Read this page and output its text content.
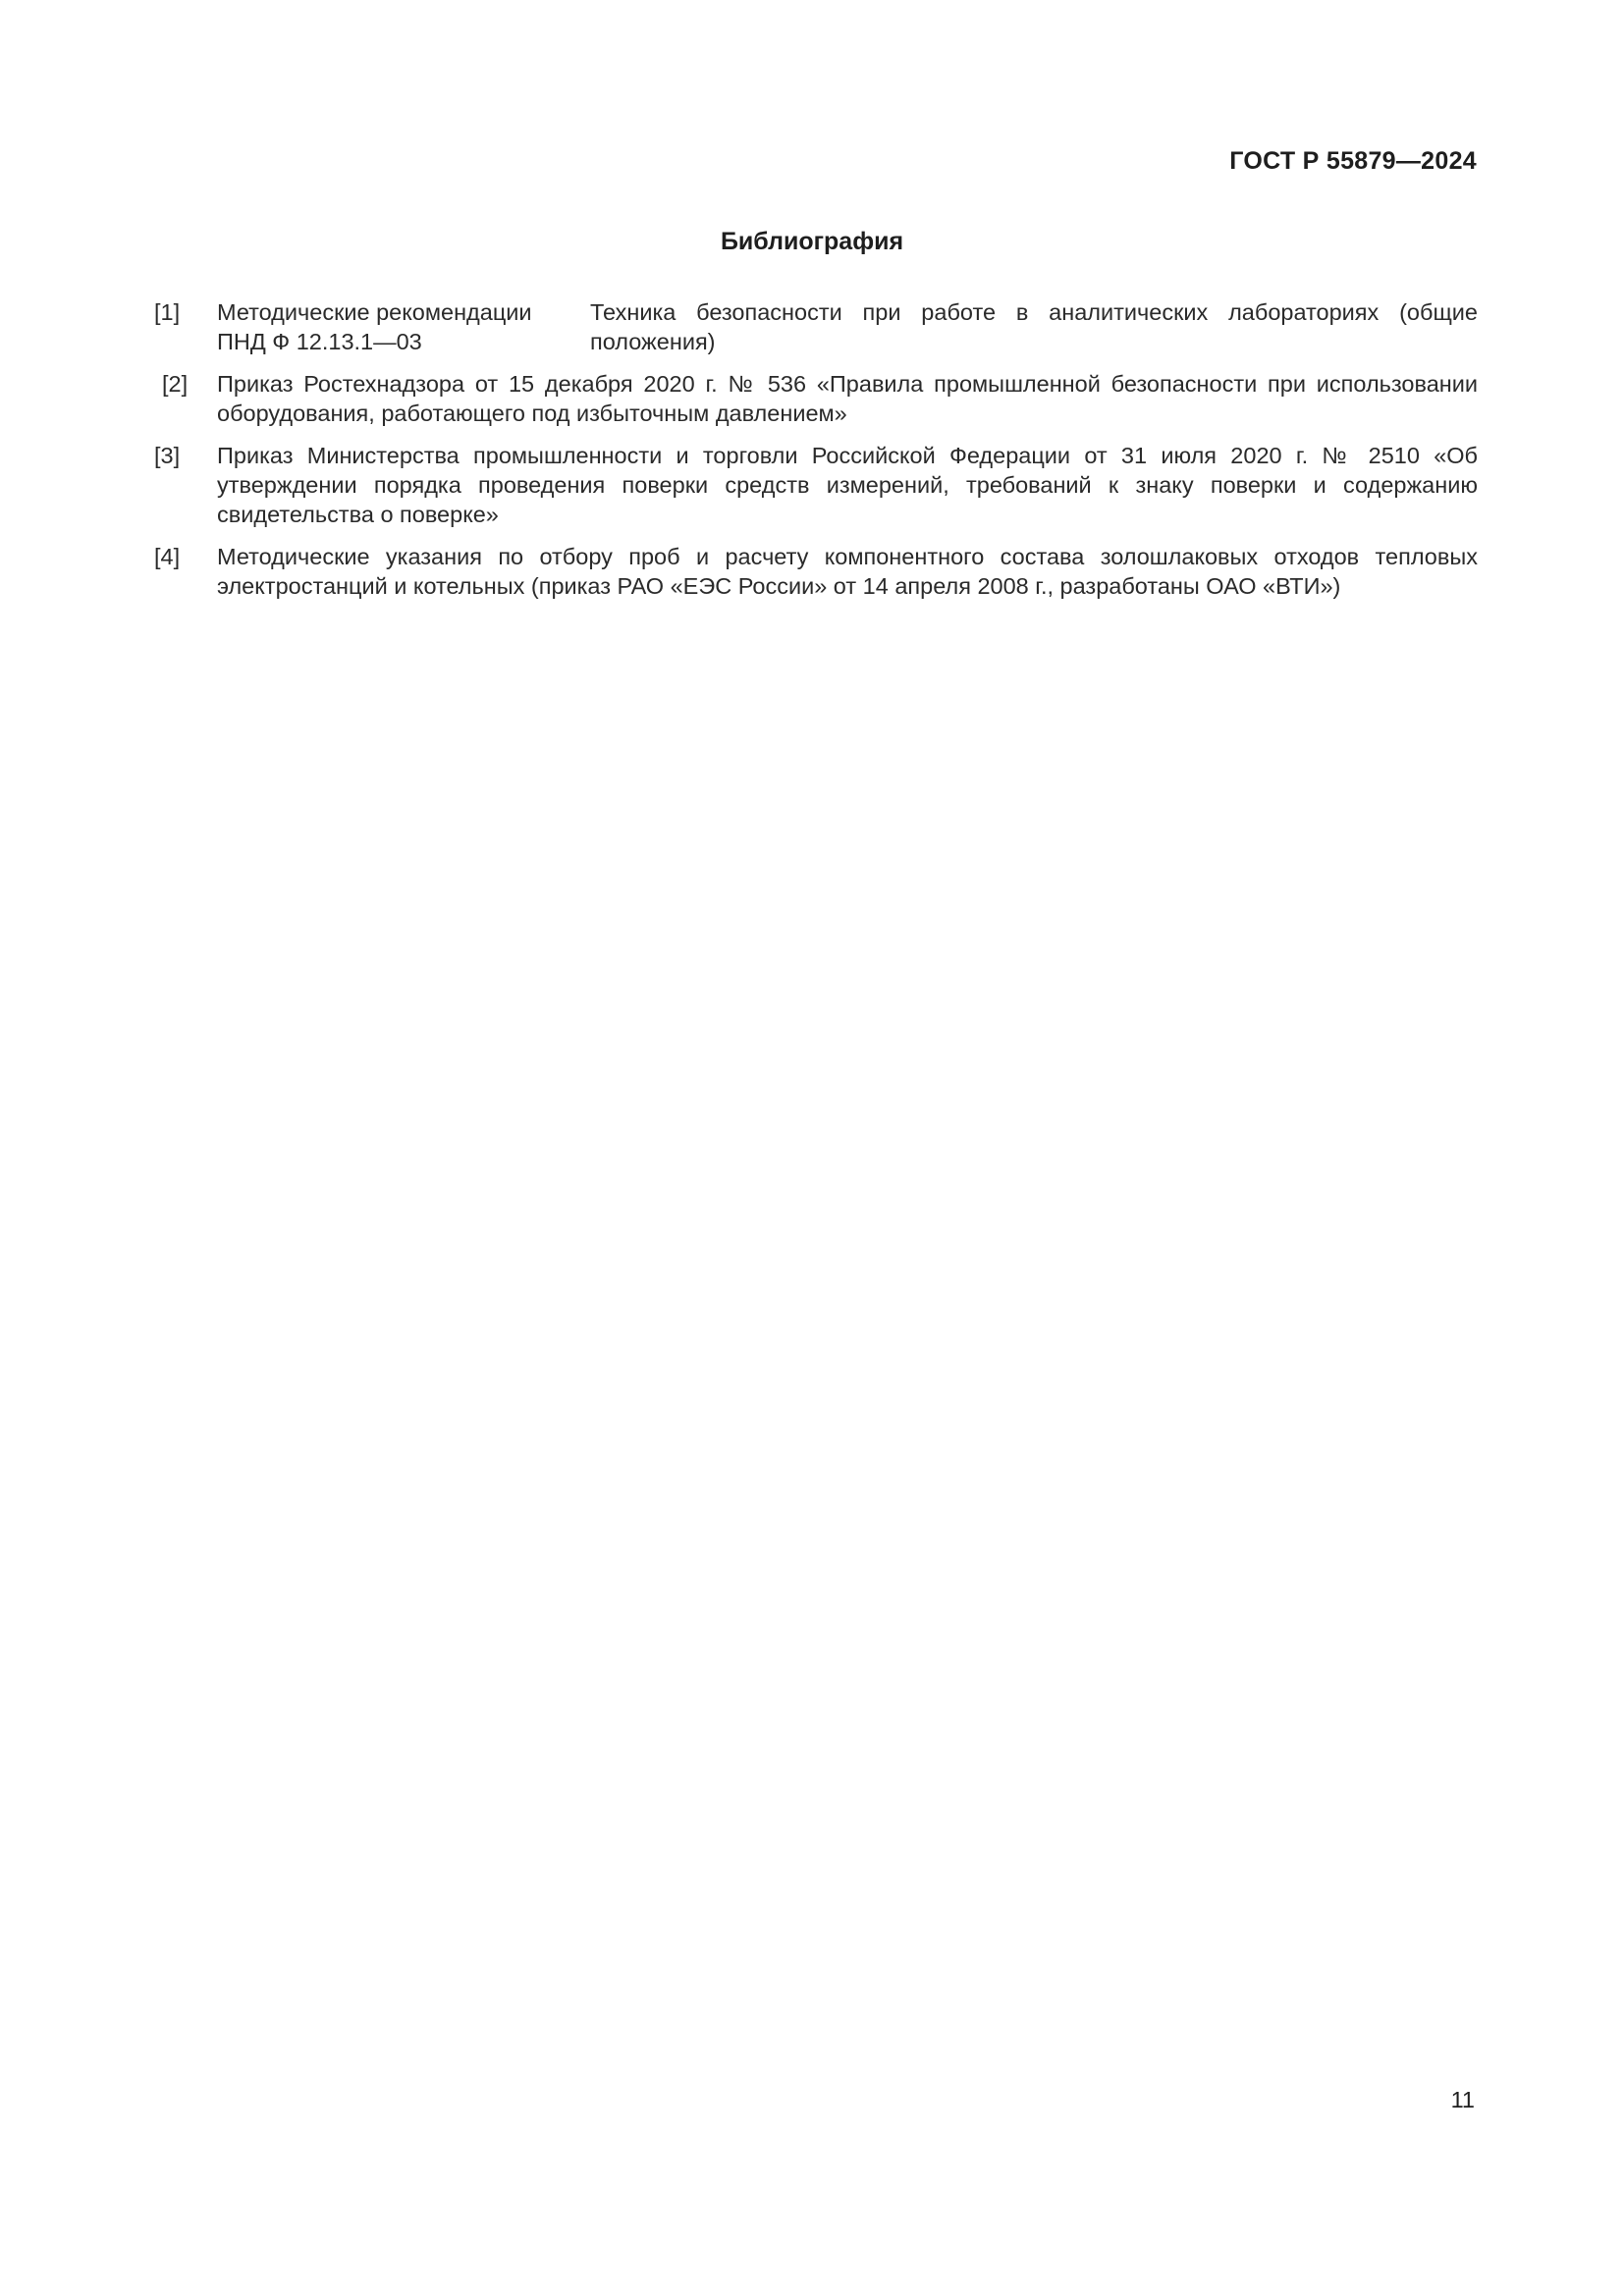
ГОСТ Р 55879—2024
Библиография
[1] Методические рекомендации
ПНД Ф 12.13.1—03
Техника безопасности при работе в аналитических лабораториях (общие положения)
[2] Приказ Ростехнадзора от 15 декабря 2020 г. № 536 «Правила промышленной безопасности при использовании оборудования, работающего под избыточным давлением»
[3] Приказ Министерства промышленности и торговли Российской Федерации от 31 июля 2020 г. № 2510 «Об утверждении порядка проведения поверки средств измерений, требований к знаку поверки и содержанию свидетельства о поверке»
[4] Методические указания по отбору проб и расчету компонентного состава золошлаковых отходов тепловых электростанций и котельных (приказ РАО «ЕЭС России» от 14 апреля 2008 г., разработаны ОАО «ВТИ»)
11
